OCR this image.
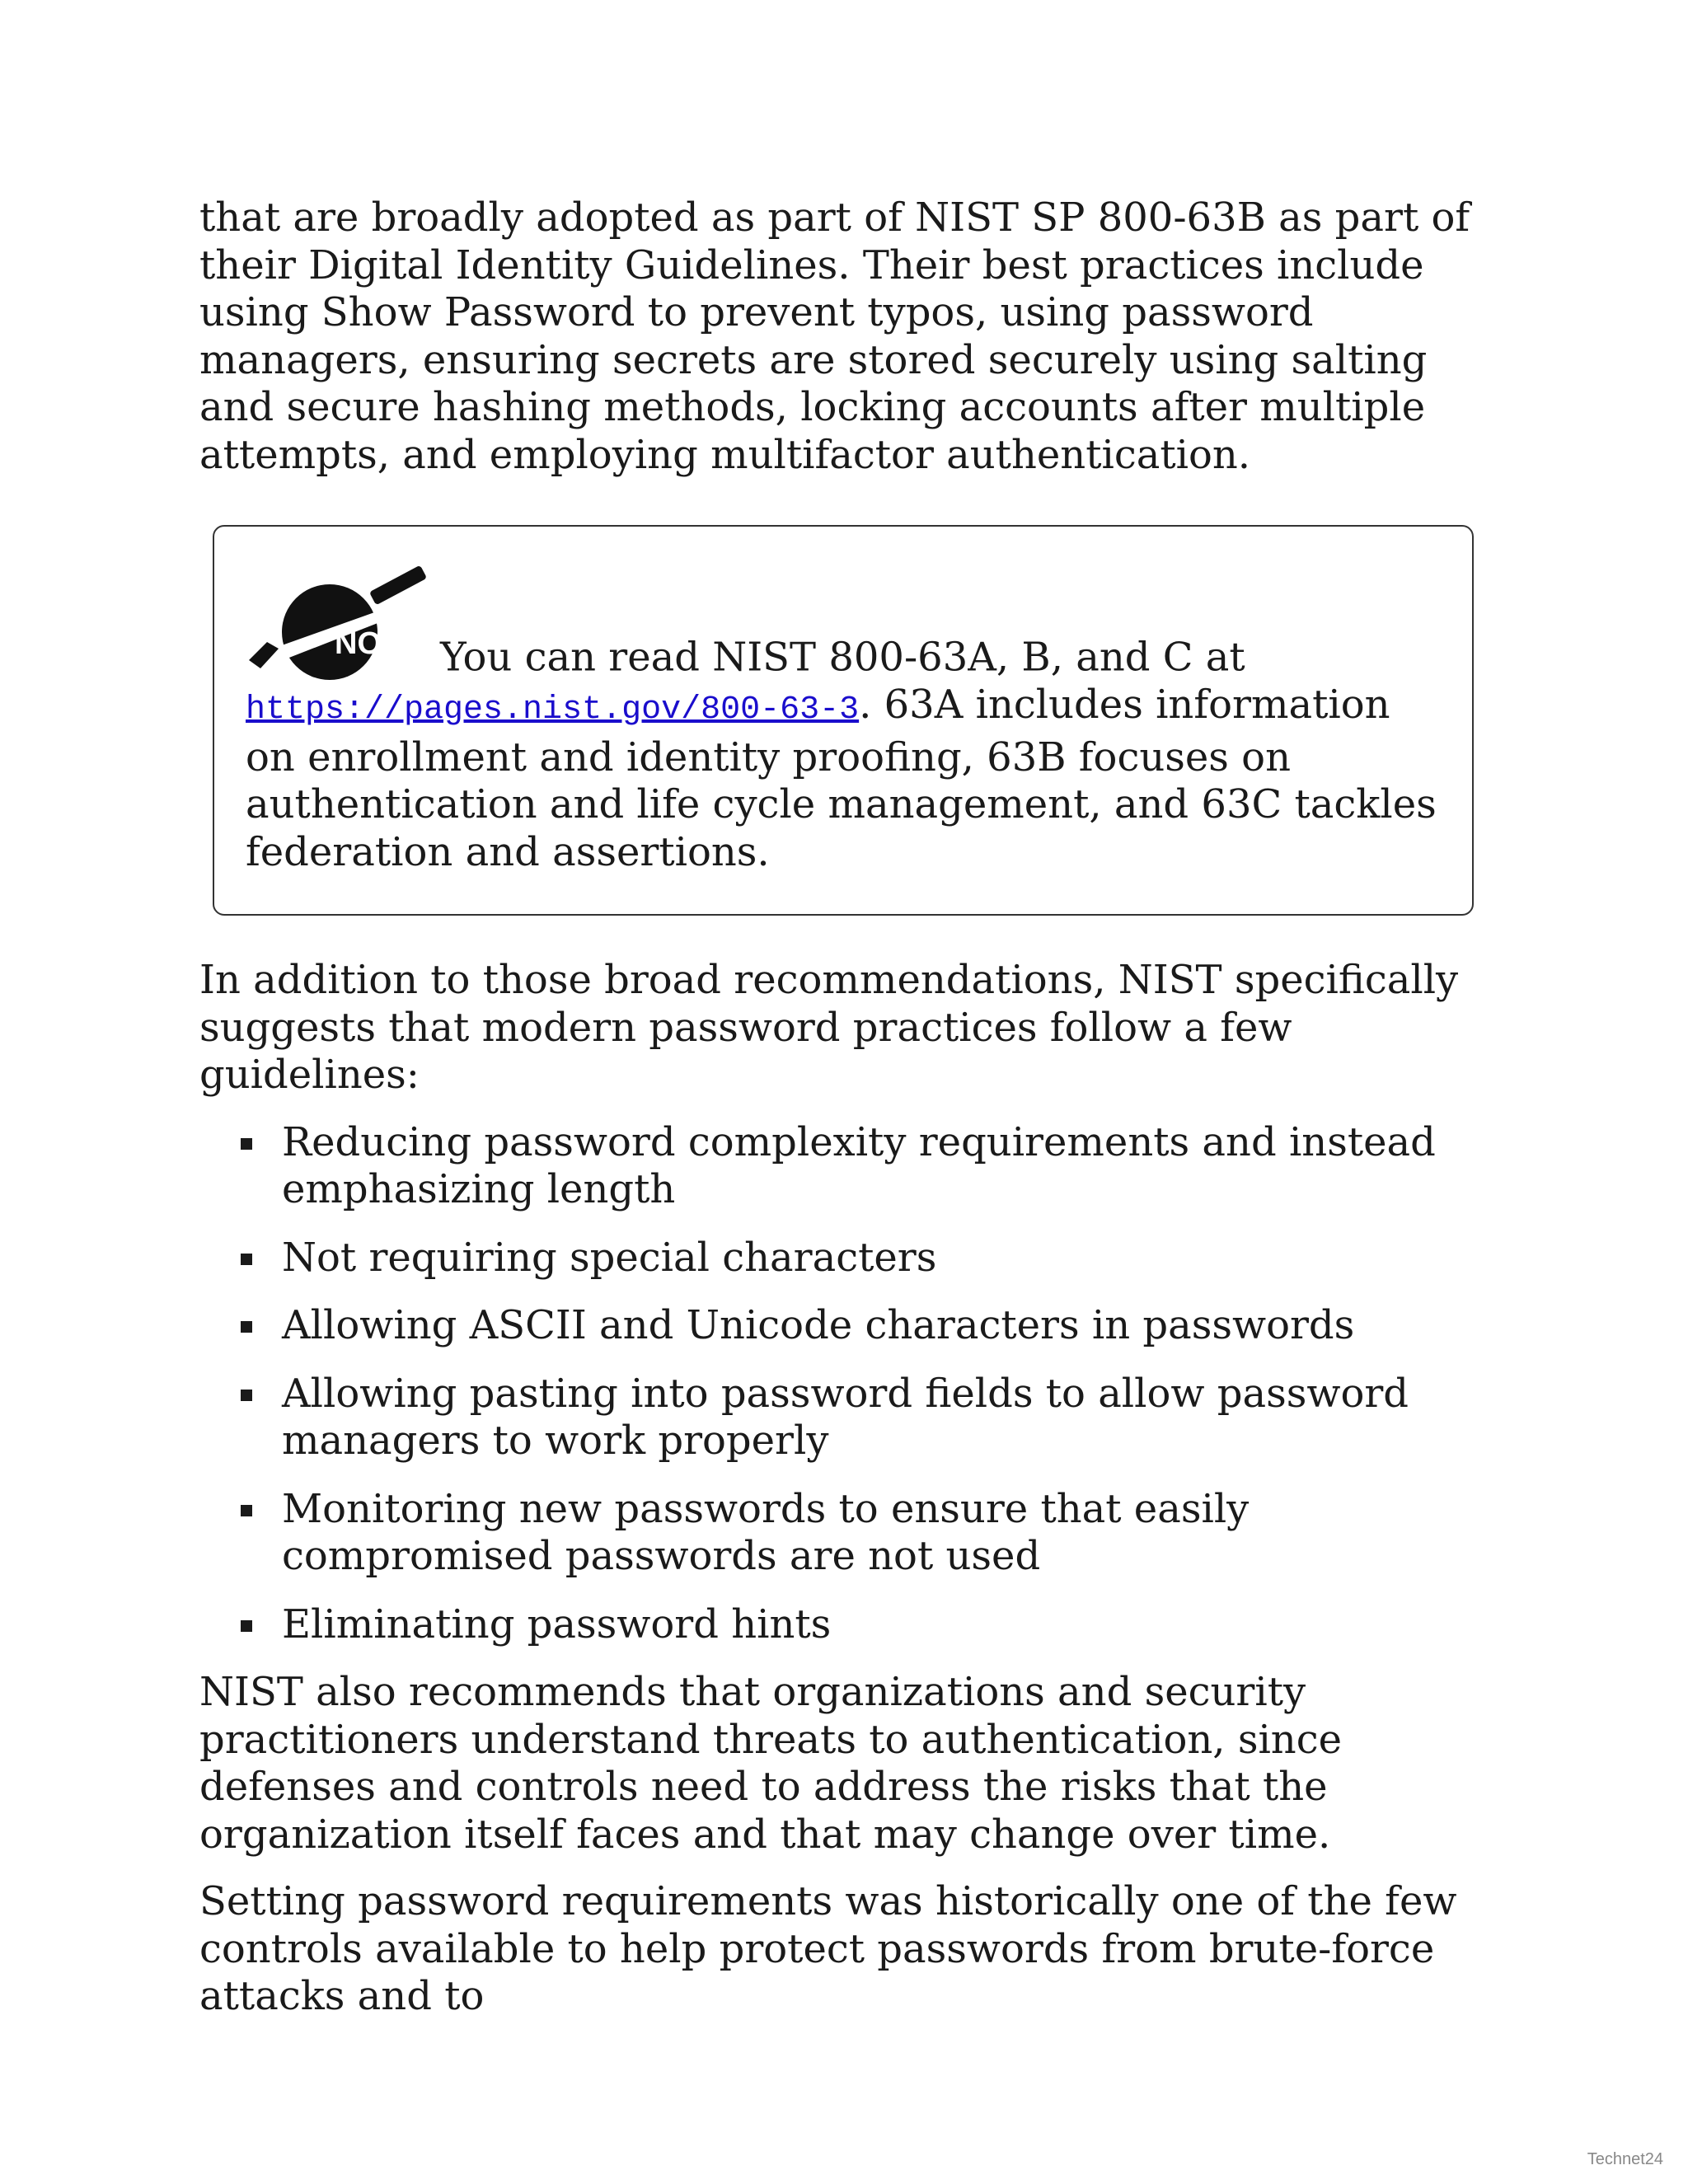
that are broadly adopted as part of NIST SP 800-63B as part of their Digital Identity Guidelines. Their best practices include using Show Password to prevent typos, using password managers, ensuring secrets are stored securely using salting and secure hashing methods, locking accounts after multiple attempts, and employing multifactor authentication.

NOTE You can read NIST 800-63A, B, and C at https://pages.nist.gov/800-63-3. 63A includes information on enrollment and identity proofing, 63B focuses on authentication and life cycle management, and 63C tackles federation and assertions.

In addition to those broad recommendations, NIST specifically suggests that modern password practices follow a few guidelines:

Reducing password complexity requirements and instead emphasizing length
Not requiring special characters
Allowing ASCII and Unicode characters in passwords
Allowing pasting into password fields to allow password managers to work properly
Monitoring new passwords to ensure that easily compromised passwords are not used
Eliminating password hints

NIST also recommends that organizations and security practitioners understand threats to authentication, since defenses and controls need to address the risks that the organization itself faces and that may change over time.

Setting password requirements was historically one of the few controls available to help protect passwords from brute-force attacks and to

Technet24
